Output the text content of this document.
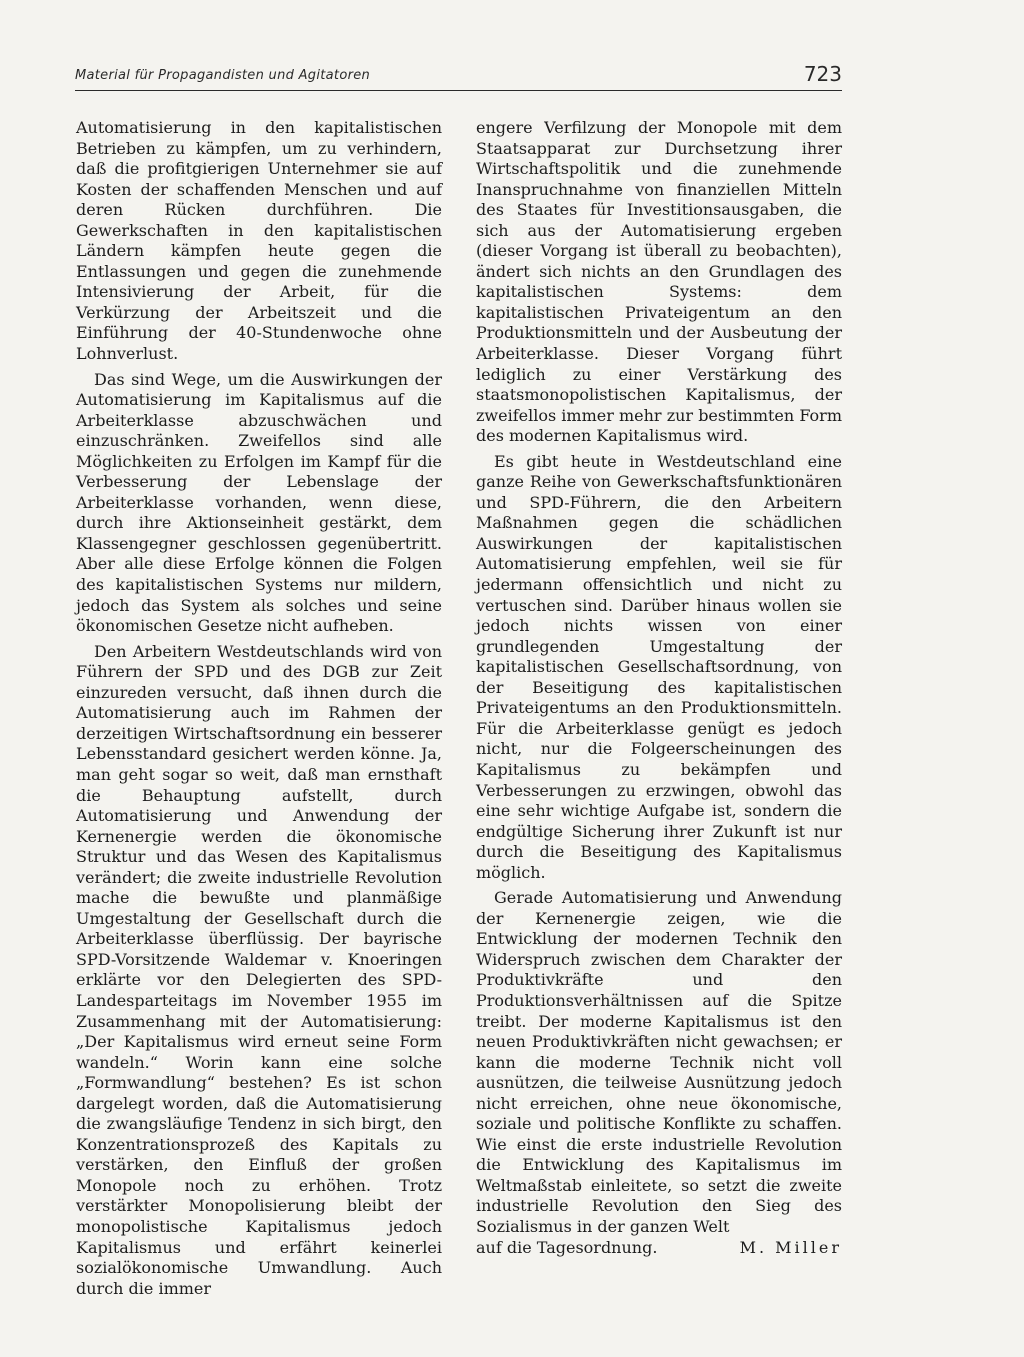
Material für Propagandisten und Agitatoren	723

Automatisierung in den kapitalistischen Betrieben zu kämpfen, um zu verhindern, daß die profitgierigen Unternehmer sie auf Kosten der schaffenden Menschen und auf deren Rücken durchführen. Die Gewerkschaften in den kapitalistischen Ländern kämpfen heute gegen die Entlassungen und gegen die zunehmende Intensivierung der Arbeit, für die Verkürzung der Arbeitszeit und die Einführung der 40-Stundenwoche ohne Lohnverlust.

Das sind Wege, um die Auswirkungen der Automatisierung im Kapitalismus auf die Arbeiterklasse abzuschwächen und einzuschränken. Zweifellos sind alle Möglichkeiten zu Erfolgen im Kampf für die Verbesserung der Lebenslage der Arbeiterklasse vorhanden, wenn diese, durch ihre Aktionseinheit gestärkt, dem Klassengegner geschlossen gegenübertritt. Aber alle diese Erfolge können die Folgen des kapitalistischen Systems nur mildern, jedoch das System als solches und seine ökonomischen Gesetze nicht aufheben.

Den Arbeitern Westdeutschlands wird von Führern der SPD und des DGB zur Zeit einzureden versucht, daß ihnen durch die Automatisierung auch im Rahmen der derzeitigen Wirtschaftsordnung ein besserer Lebensstandard gesichert werden könne. Ja, man geht sogar so weit, daß man ernsthaft die Behauptung aufstellt, durch Automatisierung und Anwendung der Kernenergie werden die ökonomische Struktur und das Wesen des Kapitalismus verändert; die zweite industrielle Revolution mache die bewußte und planmäßige Umgestaltung der Gesellschaft durch die Arbeiterklasse überflüssig. Der bayrische SPD-Vorsitzende Waldemar v. Knoeringen erklärte vor den Delegierten des SPD-Landesparteitags im November 1955 im Zusammenhang mit der Automatisierung: „Der Kapitalismus wird erneut seine Form wandeln.“ Worin kann eine solche „Formwandlung“ bestehen? Es ist schon dargelegt worden, daß die Automatisierung die zwangsläufige Tendenz in sich birgt, den Konzentrationsprozeß des Kapitals zu verstärken, den Einfluß der großen Monopole noch zu erhöhen. Trotz verstärkter Monopolisierung bleibt der monopolistische Kapitalismus jedoch Kapitalismus und erfährt keinerlei sozialökonomische Umwandlung. Auch durch die immer

engere Verfilzung der Monopole mit dem Staatsapparat zur Durchsetzung ihrer Wirtschaftspolitik und die zunehmende Inanspruchnahme von finanziellen Mitteln des Staates für Investitionsausgaben, die sich aus der Automatisierung ergeben (dieser Vorgang ist überall zu beobachten), ändert sich nichts an den Grundlagen des kapitalistischen Systems: dem kapitalistischen Privateigentum an den Produktionsmitteln und der Ausbeutung der Arbeiterklasse. Dieser Vorgang führt lediglich zu einer Verstärkung des staatsmonopolistischen Kapitalismus, der zweifellos immer mehr zur bestimmten Form des modernen Kapitalismus wird.

Es gibt heute in Westdeutschland eine ganze Reihe von Gewerkschaftsfunktionären und SPD-Führern, die den Arbeitern Maßnahmen gegen die schädlichen Auswirkungen der kapitalistischen Automatisierung empfehlen, weil sie für jedermann offensichtlich und nicht zu vertuschen sind. Darüber hinaus wollen sie jedoch nichts wissen von einer grundlegenden Umgestaltung der kapitalistischen Gesellschaftsordnung, von der Beseitigung des kapitalistischen Privateigentums an den Produktionsmitteln. Für die Arbeiterklasse genügt es jedoch nicht, nur die Folgeerscheinungen des Kapitalismus zu bekämpfen und Verbesserungen zu erzwingen, obwohl das eine sehr wichtige Aufgabe ist, sondern die endgültige Sicherung ihrer Zukunft ist nur durch die Beseitigung des Kapitalismus möglich.

Gerade Automatisierung und Anwendung der Kernenergie zeigen, wie die Entwicklung der modernen Technik den Widerspruch zwischen dem Charakter der Produktivkräfte und den Produktionsverhältnissen auf die Spitze treibt. Der moderne Kapitalismus ist den neuen Produktivkräften nicht gewachsen; er kann die moderne Technik nicht voll ausnützen, die teilweise Ausnützung jedoch nicht erreichen, ohne neue ökonomische, soziale und politische Konflikte zu schaffen. Wie einst die erste industrielle Revolution die Entwicklung des Kapitalismus im Weltmaßstab einleitete, so setzt die zweite industrielle Revolution den Sieg des Sozialismus in der ganzen Welt

auf die Tagesordnung.	M. Miller
